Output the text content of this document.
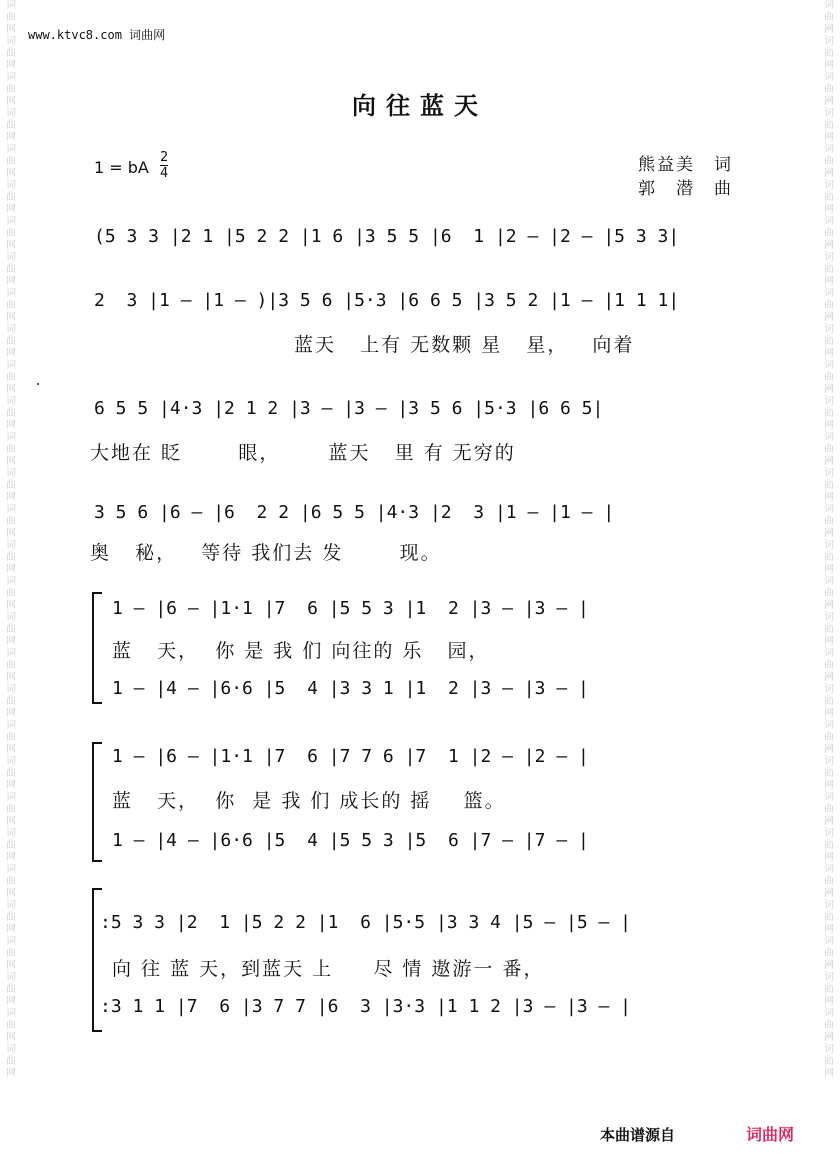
词曲网
词曲网
词曲网
词曲网
词曲网
词曲网
词曲网
词曲网
词曲网
词曲网
词曲网
词曲网
词曲网
词曲网
词曲网
词曲网
词曲网
词曲网
词曲网
词曲网
词曲网
词曲网
词曲网
词曲网
词曲网
词曲网
词曲网
词曲网
词曲网
词曲网

词曲网
词曲网
词曲网
词曲网
词曲网
词曲网
词曲网
词曲网
词曲网
词曲网
词曲网
词曲网
词曲网
词曲网
词曲网
词曲网
词曲网
词曲网
词曲网
词曲网
词曲网
词曲网
词曲网
词曲网
词曲网
词曲网
词曲网
词曲网
词曲网
词曲网

www.ktvc8.com 词曲网
向往蓝天
1 = bA
2
4	熊益美　词
郭　潜　曲
(5 3 3 |2 1 |5 2 2 |1 6 |3 5 5 |6  1 |2 — |2 — |5 3 3|
2  3 |1 — |1 — )|3 5 6 |5·3 |6 6 5 |3 5 2 |1 — |1 1 1|
蓝天   上有 无数颗 星   星，   向着
6 5 5 |4·3 |2 1 2 |3 — |3 — |3 5 6 |5·3 |6 6 5|
大地在 眨       眼，      蓝天   里 有 无穷的
3 5 6 |6 — |6  2 2 |6 5 5 |4·3 |2  3 |1 — |1 — |
奥   秘，   等待 我们去 发       现。
1 — |6 — |1·1 |7  6 |5 5 3 |1  2 |3 — |3 — |
蓝   天，  你 是 我 们 向往的 乐   园，
1 — |4 — |6·6 |5  4 |3 3 1 |1  2 |3 — |3 — |
1 — |6 — |1·1 |7  6 |7 7 6 |7  1 |2 — |2 — |
蓝   天，  你  是 我 们 成长的 摇    篮。
1 — |4 — |6·6 |5  4 |5 5 3 |5  6 |7 — |7 — |
:5 3 3 |2  1 |5 2 2 |1  6 |5·5 |3 3 4 |5 — |5 — |
向 往 蓝 天，到蓝天 上     尽 情 遨游一 番，
:3 1 1 |7  6 |3 7 7 |6  3 |3·3 |1 1 2 |3 — |3 — |
本曲谱源自	词曲网
